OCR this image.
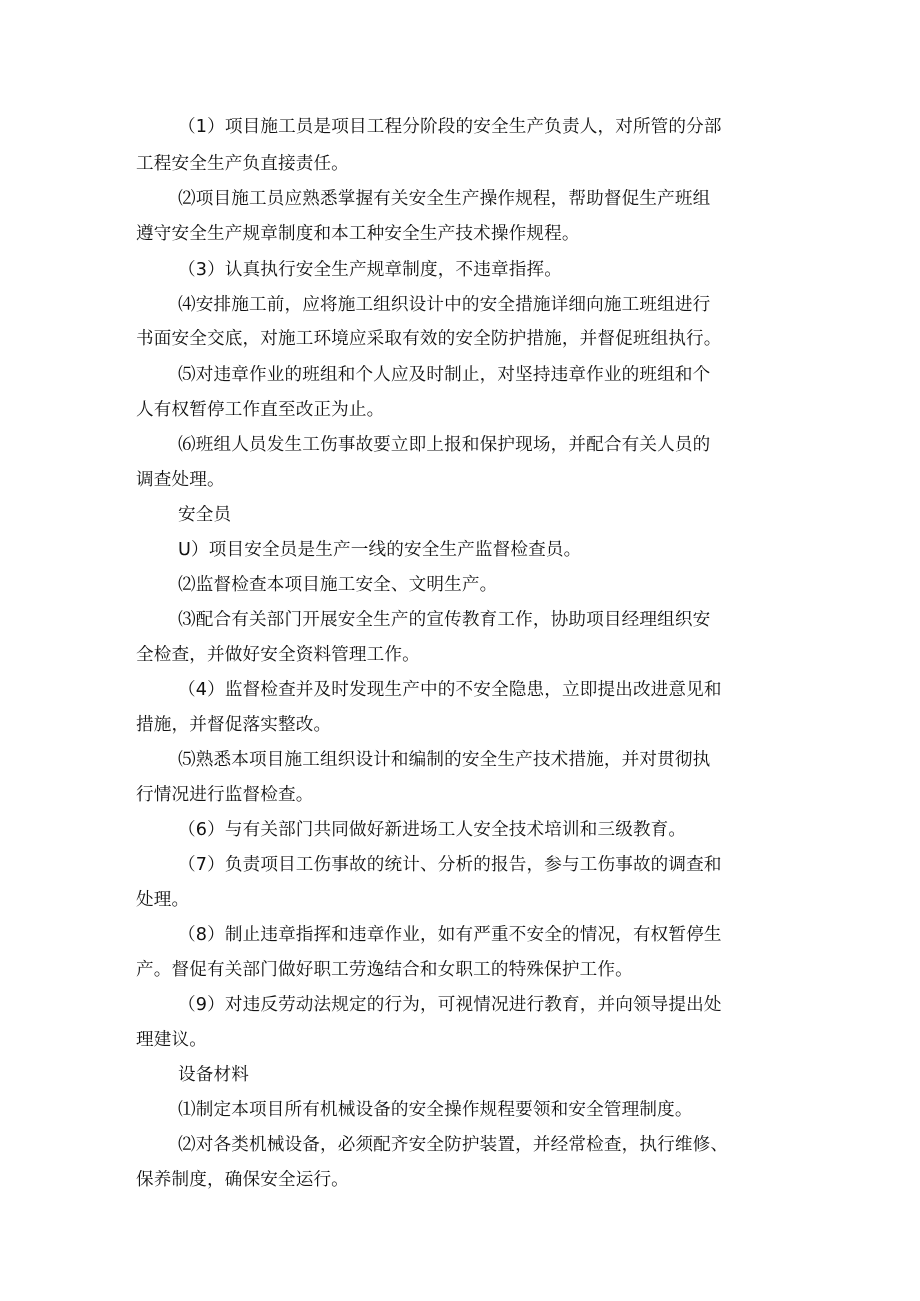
（1）项目施工员是项目工程分阶段的安全生产负责人，对所管的分部
工程安全生产负直接责任。
⑵项目施工员应熟悉掌握有关安全生产操作规程，帮助督促生产班组
遵守安全生产规章制度和本工种安全生产技术操作规程。
（3）认真执行安全生产规章制度，不违章指挥。
⑷安排施工前，应将施工组织设计中的安全措施详细向施工班组进行
书面安全交底，对施工环境应采取有效的安全防护措施，并督促班组执行。
⑸对违章作业的班组和个人应及时制止，对坚持违章作业的班组和个
人有权暂停工作直至改正为止。
⑹班组人员发生工伤事故要立即上报和保护现场，并配合有关人员的
调查处理。
安全员
U）项目安全员是生产一线的安全生产监督检查员。
⑵监督检查本项目施工安全、文明生产。
⑶配合有关部门开展安全生产的宣传教育工作，协助项目经理组织安
全检查，并做好安全资料管理工作。
（4）监督检查并及时发现生产中的不安全隐患，立即提出改进意见和
措施，并督促落实整改。
⑸熟悉本项目施工组织设计和编制的安全生产技术措施，并对贯彻执
行情况进行监督检查。
（6）与有关部门共同做好新进场工人安全技术培训和三级教育。
（7）负责项目工伤事故的统计、分析的报告，参与工伤事故的调查和
处理。
（8）制止违章指挥和违章作业，如有严重不安全的情况，有权暂停生
产。督促有关部门做好职工劳逸结合和女职工的特殊保护工作。
（9）对违反劳动法规定的行为，可视情况进行教育，并向领导提出处
理建议。
设备材料
⑴制定本项目所有机械设备的安全操作规程要领和安全管理制度。
⑵对各类机械设备，必须配齐安全防护装置，并经常检查，执行维修、
保养制度，确保安全运行。
